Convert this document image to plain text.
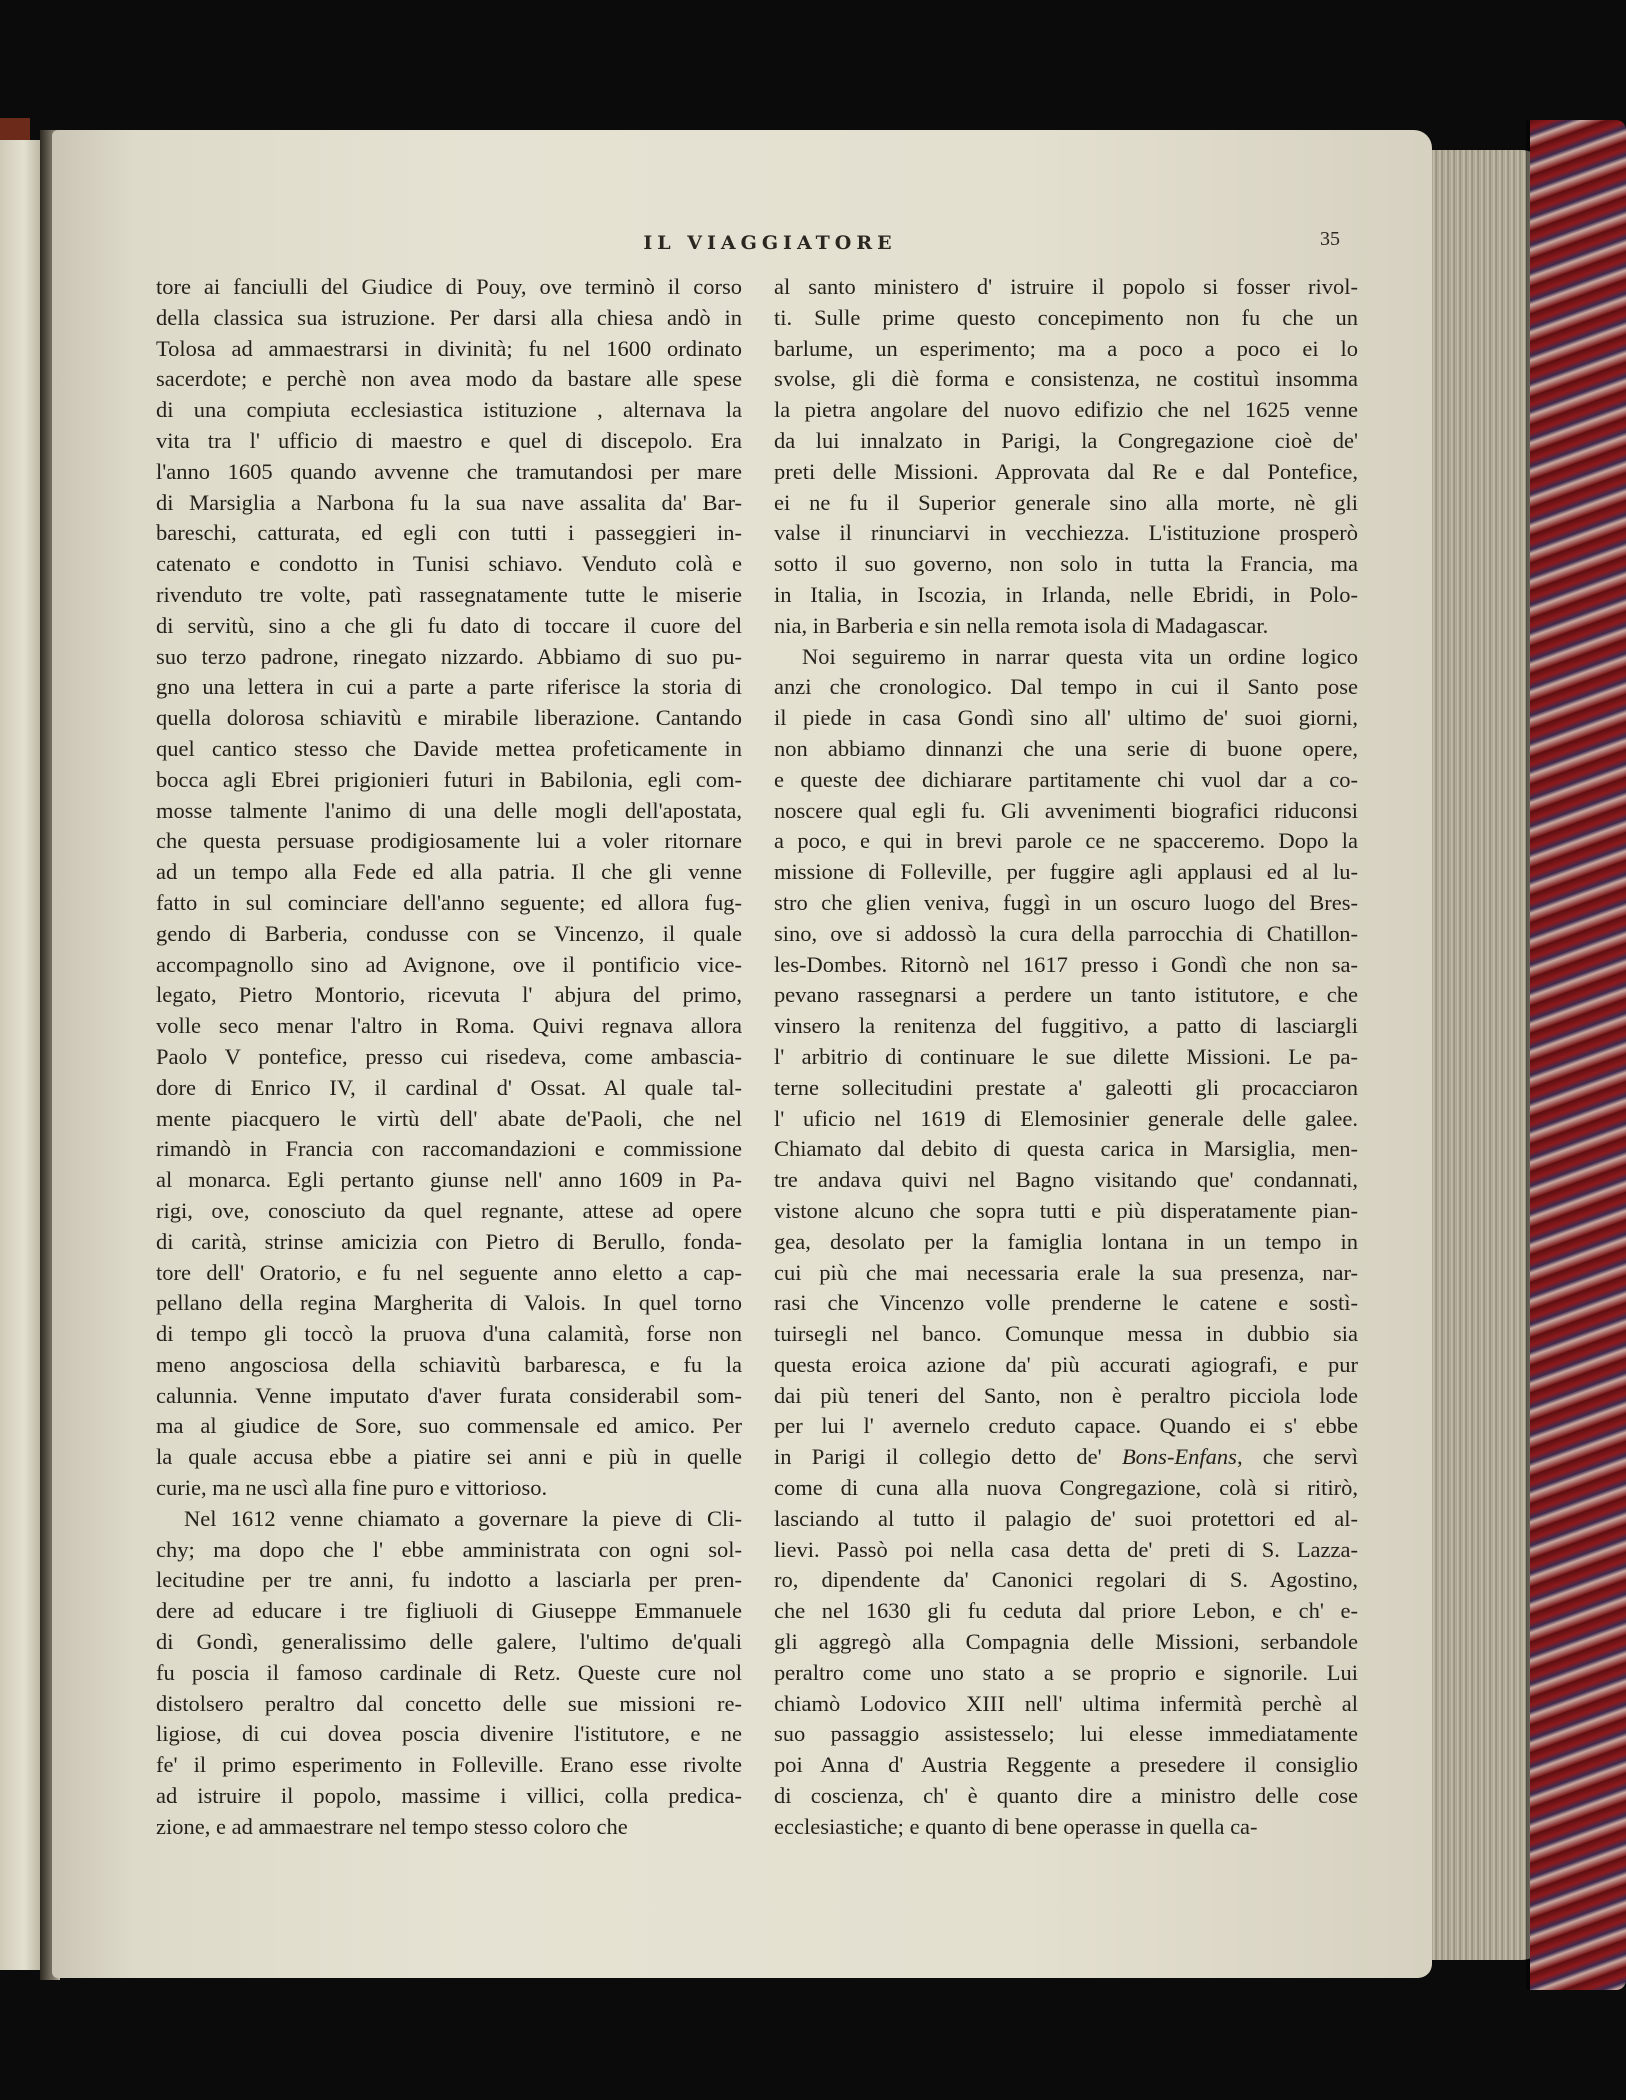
IL VIAGGIATORE	35
tore ai fanciulli del Giudice di Pouy, ove terminò il corso
della classica sua istruzione. Per darsi alla chiesa andò in
Tolosa ad ammaestrarsi in divinità; fu nel 1600 ordinato
sacerdote; e perchè non avea modo da bastare alle spese
di una compiuta ecclesiastica istituzione , alternava la
vita tra l' ufficio di maestro e quel di discepolo. Era
l'anno 1605 quando avvenne che tramutandosi per mare
di Marsiglia a Narbona fu la sua nave assalita da' Bar-
bareschi, catturata, ed egli con tutti i passeggieri in-
catenato e condotto in Tunisi schiavo. Venduto colà e
rivenduto tre volte, patì rassegnatamente tutte le miserie
di servitù, sino a che gli fu dato di toccare il cuore del
suo terzo padrone, rinegato nizzardo. Abbiamo di suo pu-
gno una lettera in cui a parte a parte riferisce la storia di
quella dolorosa schiavitù e mirabile liberazione. Cantando
quel cantico stesso che Davide mettea profeticamente in
bocca agli Ebrei prigionieri futuri in Babilonia, egli com-
mosse talmente l'animo di una delle mogli dell'apostata,
che questa persuase prodigiosamente lui a voler ritornare
ad un tempo alla Fede ed alla patria. Il che gli venne
fatto in sul cominciare dell'anno seguente; ed allora fug-
gendo di Barberia, condusse con se Vincenzo, il quale
accompagnollo sino ad Avignone, ove il pontificio vice-
legato, Pietro Montorio, ricevuta l' abjura del primo,
volle seco menar l'altro in Roma. Quivi regnava allora
Paolo V pontefice, presso cui risedeva, come ambascia-
dore di Enrico IV, il cardinal d' Ossat. Al quale tal-
mente piacquero le virtù dell' abate de'Paoli, che nel
rimandò in Francia con raccomandazioni e commissione
al monarca. Egli pertanto giunse nell' anno 1609 in Pa-
rigi, ove, conosciuto da quel regnante, attese ad opere
di carità, strinse amicizia con Pietro di Berullo, fonda-
tore dell' Oratorio, e fu nel seguente anno eletto a cap-
pellano della regina Margherita di Valois. In quel torno
di tempo gli toccò la pruova d'una calamità, forse non
meno angosciosa della schiavitù barbaresca, e fu la
calunnia. Venne imputato d'aver furata considerabil som-
ma al giudice de Sore, suo commensale ed amico. Per
la quale accusa ebbe a piatire sei anni e più in quelle
curie, ma ne uscì alla fine puro e vittorioso.
Nel 1612 venne chiamato a governare la pieve di Cli-
chy; ma dopo che l' ebbe amministrata con ogni sol-
lecitudine per tre anni, fu indotto a lasciarla per pren-
dere ad educare i tre figliuoli di Giuseppe Emmanuele
di Gondì, generalissimo delle galere, l'ultimo de'quali
fu poscia il famoso cardinale di Retz. Queste cure nol
distolsero peraltro dal concetto delle sue missioni re-
ligiose, di cui dovea poscia divenire l'istitutore, e ne
fe' il primo esperimento in Folleville. Erano esse rivolte
ad istruire il popolo, massime i villici, colla predica-
zione, e ad ammaestrare nel tempo stesso coloro che
al santo ministero d' istruire il popolo si fosser rivol-
ti. Sulle prime questo concepimento non fu che un
barlume, un esperimento; ma a poco a poco ei lo
svolse, gli diè forma e consistenza, ne costituì insomma
la pietra angolare del nuovo edifizio che nel 1625 venne
da lui innalzato in Parigi, la Congregazione cioè de'
preti delle Missioni. Approvata dal Re e dal Pontefice,
ei ne fu il Superior generale sino alla morte, nè gli
valse il rinunciarvi in vecchiezza. L'istituzione prosperò
sotto il suo governo, non solo in tutta la Francia, ma
in Italia, in Iscozia, in Irlanda, nelle Ebridi, in Polo-
nia, in Barberia e sin nella remota isola di Madagascar.
Noi seguiremo in narrar questa vita un ordine logico
anzi che cronologico. Dal tempo in cui il Santo pose
il piede in casa Gondì sino all' ultimo de' suoi giorni,
non abbiamo dinnanzi che una serie di buone opere,
e queste dee dichiarare partitamente chi vuol dar a co-
noscere qual egli fu. Gli avvenimenti biografici riduconsi
a poco, e qui in brevi parole ce ne spacceremo. Dopo la
missione di Folleville, per fuggire agli applausi ed al lu-
stro che glien veniva, fuggì in un oscuro luogo del Bres-
sino, ove si addossò la cura della parrocchia di Chatillon-
les-Dombes. Ritornò nel 1617 presso i Gondì che non sa-
pevano rassegnarsi a perdere un tanto istitutore, e che
vinsero la renitenza del fuggitivo, a patto di lasciargli
l' arbitrio di continuare le sue dilette Missioni. Le pa-
terne sollecitudini prestate a' galeotti gli procacciaron
l' uficio nel 1619 di Elemosinier generale delle galee.
Chiamato dal debito di questa carica in Marsiglia, men-
tre andava quivi nel Bagno visitando que' condannati,
vistone alcuno che sopra tutti e più disperatamente pian-
gea, desolato per la famiglia lontana in un tempo in
cui più che mai necessaria erale la sua presenza, nar-
rasi che Vincenzo volle prenderne le catene e sostì-
tuirsegli nel banco. Comunque messa in dubbio sia
questa eroica azione da' più accurati agiografi, e pur
dai più teneri del Santo, non è peraltro picciola lode
per lui l' avernelo creduto capace. Quando ei s' ebbe
in Parigi il collegio detto de' Bons-Enfans, che servì
come di cuna alla nuova Congregazione, colà si ritirò,
lasciando al tutto il palagio de' suoi protettori ed al-
lievi. Passò poi nella casa detta de' preti di S. Lazza-
ro, dipendente da' Canonici regolari di S. Agostino,
che nel 1630 gli fu ceduta dal priore Lebon, e ch' e-
gli aggregò alla Compagnia delle Missioni, serbandole
peraltro come uno stato a se proprio e signorile. Lui
chiamò Lodovico XIII nell' ultima infermità perchè al
suo passaggio assistesselo; lui elesse immediatamente
poi Anna d' Austria Reggente a presedere il consiglio
di coscienza, ch' è quanto dire a ministro delle cose
ecclesiastiche; e quanto di bene operasse in quella ca-
